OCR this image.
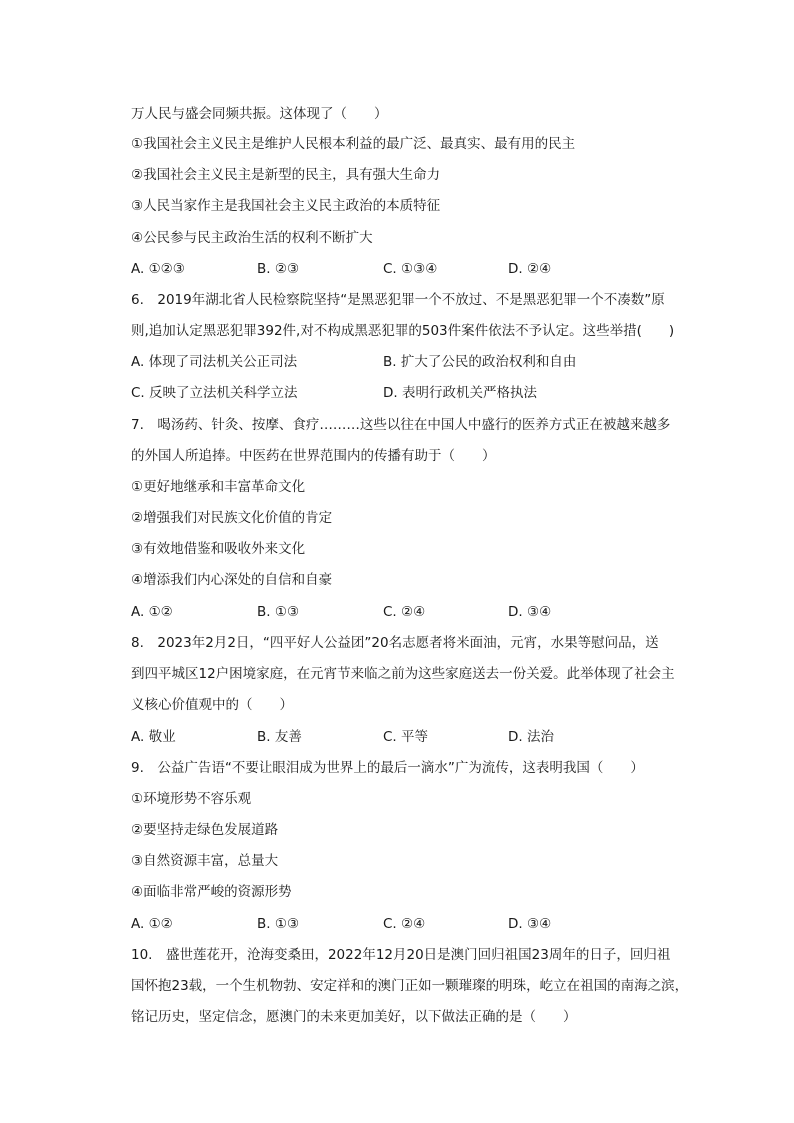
万人民与盛会同频共振。这体现了（　　）
①我国社会主义民主是维护人民根本利益的最广泛、最真实、最有用的民主
②我国社会主义民主是新型的民主，具有强大生命力
③人民当家作主是我国社会主义民主政治的本质特征
④公民参与民主政治生活的权利不断扩大
A. ①②③	B. ②③	C. ①③④	D. ②④
6.　2019年湖北省人民检察院坚持“是黑恶犯罪一个不放过、不是黑恶犯罪一个不凑数”原
则,追加认定黑恶犯罪392件,对不构成黑恶犯罪的503件案件依法不予认定。这些举措(　　)
A. 体现了司法机关公正司法	B. 扩大了公民的政治权利和自由
C. 反映了立法机关科学立法	D. 表明行政机关严格执法
7.　喝汤药、针灸、按摩、食疗………这些以往在中国人中盛行的医养方式正在被越来越多
的外国人所追捧。中医药在世界范围内的传播有助于（　　）
①更好地继承和丰富革命文化
②增强我们对民族文化价值的肯定
③有效地借鉴和吸收外来文化
④增添我们内心深处的自信和自豪
A. ①②	B. ①③	C. ②④	D. ③④
8.　2023年2月2日，“四平好人公益团”20名志愿者将米面油，元宵，水果等慰问品，送
到四平城区12户困境家庭，在元宵节来临之前为这些家庭送去一份关爱。此举体现了社会主
义核心价值观中的（　　）
A. 敬业	B. 友善	C. 平等	D. 法治
9.　公益广告语“不要让眼泪成为世界上的最后一滴水”广为流传，这表明我国（　　）
①环境形势不容乐观
②要坚持走绿色发展道路
③自然资源丰富，总量大
④面临非常严峻的资源形势
A. ①②	B. ①③	C. ②④	D. ③④
10.　盛世莲花开，沧海变桑田，2022年12月20日是澳门回归祖国23周年的日子，回归祖
国怀抱23载，一个生机物勃、安定祥和的澳门正如一颗璀璨的明珠，屹立在祖国的南海之滨，
铭记历史，坚定信念，愿澳门的未来更加美好，以下做法正确的是（　　）
